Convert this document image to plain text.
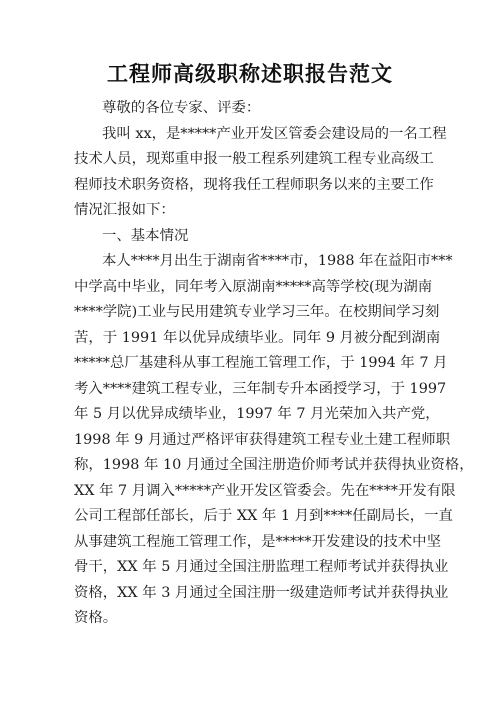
工程师高级职称述职报告范文
尊敬的各位专家、评委：
我叫 xx，是*****产业开发区管委会建设局的一名工程
技术人员，现郑重申报一般工程系列建筑工程专业高级工
程师技术职务资格，现将我任工程师职务以来的主要工作
情况汇报如下：
一、基本情况
本人****月出生于湖南省****市，1988 年在益阳市***
中学高中毕业，同年考入原湖南*****高等学校(现为湖南
****学院)工业与民用建筑专业学习三年。在校期间学习刻
苦，于 1991 年以优异成绩毕业。同年 9 月被分配到湖南
*****总厂基建科从事工程施工管理工作，于 1994 年 7 月
考入****建筑工程专业，三年制专升本函授学习，于 1997
年 5 月以优异成绩毕业，1997 年 7 月光荣加入共产党，
1998 年 9 月通过严格评审获得建筑工程专业土建工程师职
称，1998 年 10 月通过全国注册造价师考试并获得执业资格，
XX 年 7 月调入*****产业开发区管委会。先在****开发有限
公司工程部任部长，后于 XX 年 1 月到****任副局长，一直
从事建筑工程施工管理工作，是*****开发建设的技术中坚
骨干，XX 年 5 月通过全国注册监理工程师考试并获得执业
资格，XX 年 3 月通过全国注册一级建造师考试并获得执业
资格。
